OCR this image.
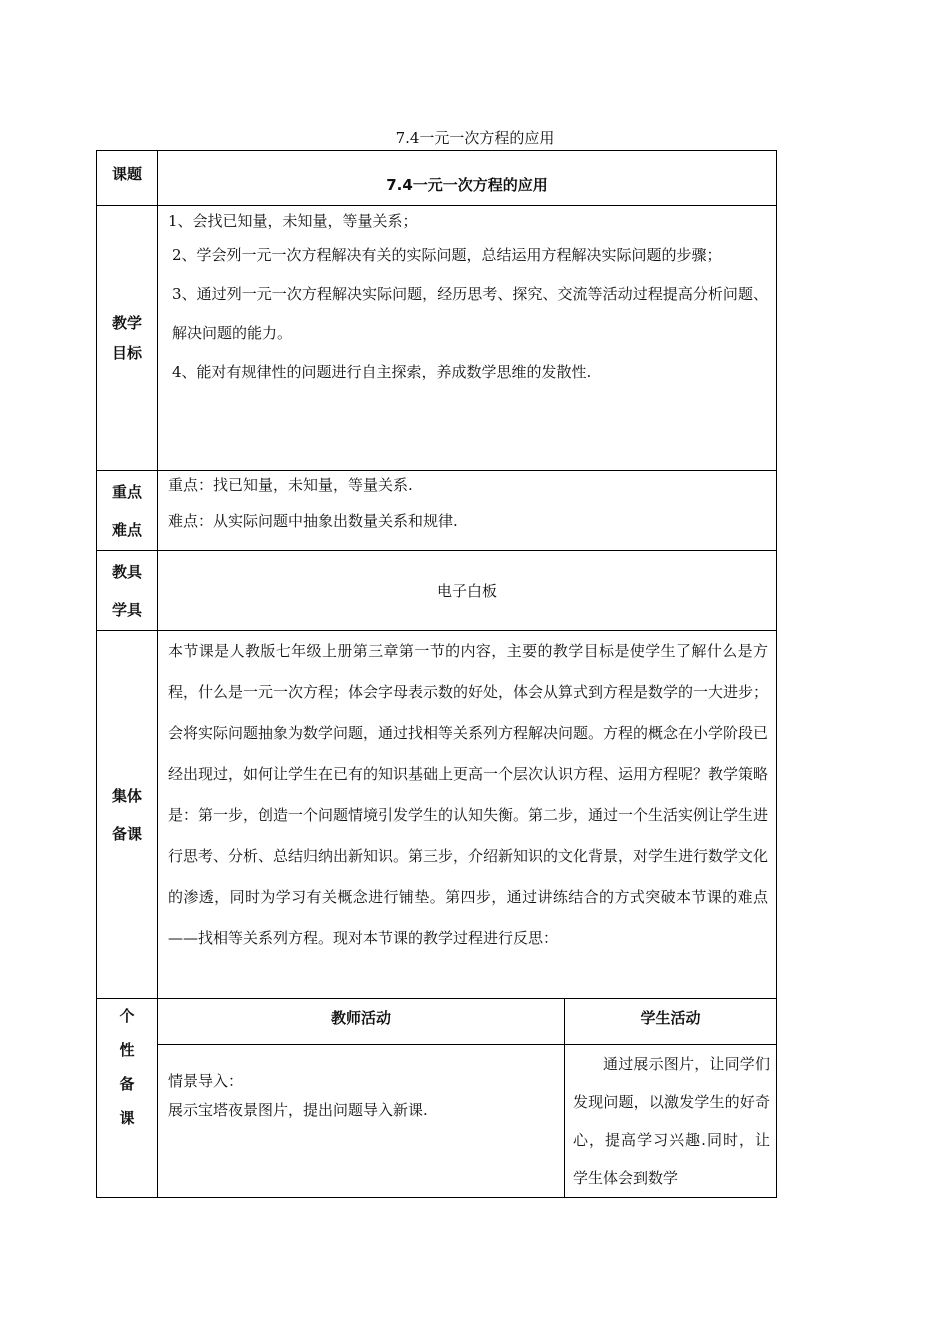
7.4一元一次方程的应用
课题	7.4一元一次方程的应用	

教学
目标	1、会找已知量，未知量，等量关系；
2、学会列一元一次方程解决有关的实际问题，总结运用方程解决实际问题的步骤；
3、通过列一元一次方程解决实际问题，经历思考、探究、交流等活动过程提高分析问题、解决问题的能力。
4、能对有规律性的问题进行自主探索，养成数学思维的发散性.	

重点
难点	重点：找已知量，未知量，等量关系.
难点：从实际问题中抽象出数量关系和规律.	

教具
学具	电子白板	

集体
备课	本节课是人教版七年级上册第三章第一节的内容，主要的教学目标是使学生了解什么是方程，什么是一元一次方程；体会字母表示数的好处，体会从算式到方程是数学的一大进步；会将实际问题抽象为数学问题，通过找相等关系列方程解决问题。方程的概念在小学阶段已经出现过，如何让学生在已有的知识基础上更高一个层次认识方程、运用方程呢？教学策略是：第一步，创造一个问题情境引发学生的认知失衡。第二步，通过一个生活实例让学生进行思考、分析、总结归纳出新知识。第三步，介绍新知识的文化背景，对学生进行数学文化的渗透，同时为学习有关概念进行铺垫。第四步，通过讲练结合的方式突破本节课的难点——找相等关系列方程。现对本节课的教学过程进行反思：	

个
性
备
课	教师活动	学生活动

	情景导入：
展示宝塔夜景图片，提出问题导入新课.	通过展示图片，让同学们发现问题，以激发学生的好奇心，提高学习兴趣.同时，让学生体会到数学
